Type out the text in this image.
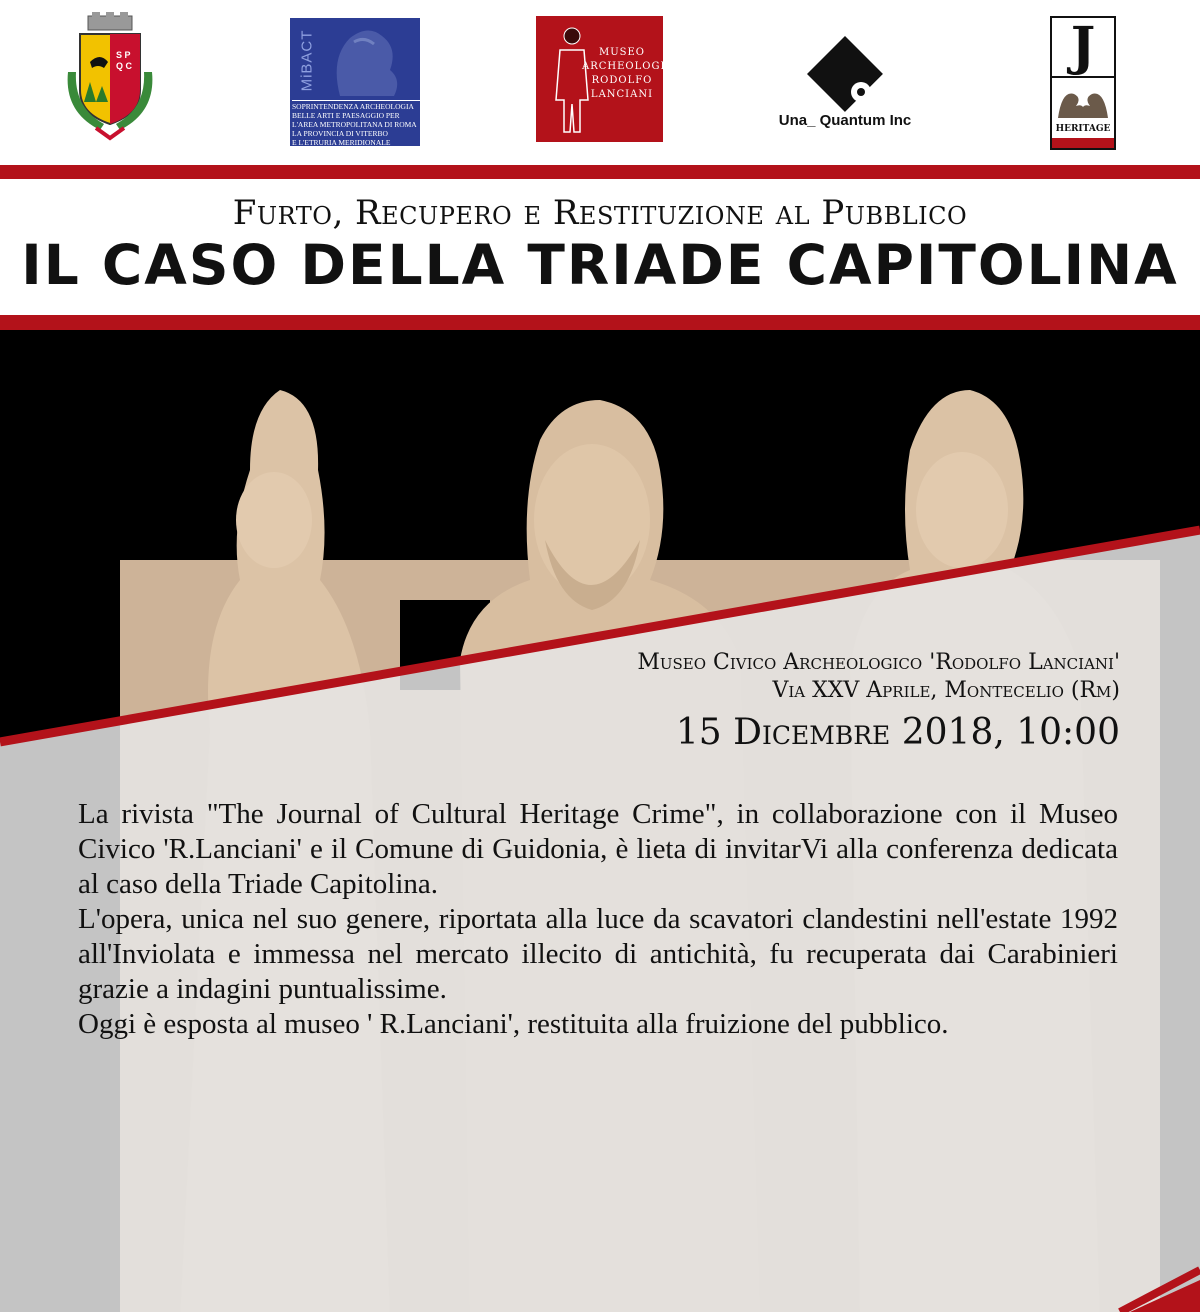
S P Q C	MiBACT
SOPRINTENDENZA ARCHEOLOGIA
BELLE ARTI E PAESAGGIO PER
L'AREA METROPOLITANA DI ROMA
LA PROVINCIA DI VITERBO
E L'ETRURIA MERIDIONALE
MUSEO
ARCHEOLOGICO
RODOLFO
LANCIANI
Una_ Quantum Inc
J
HERITAGE
Furto, Recupero e Restituzione al Pubblico
IL CASO DELLA TRIADE CAPITOLINA
Museo Civico Archeologico 'Rodolfo Lanciani'
Via XXV Aprile, Montecelio (Rm)
15 Dicembre 2018, 10:00

La rivista "The Journal of Cultural Heritage Crime", in collaborazione con il Museo Civico 'R.Lanciani' e il Comune di Guidonia, è lieta di invitarVi alla conferenza dedicata al caso della Triade Capitolina.

L'opera, unica nel suo genere, riportata alla luce da scavatori clandestini nell'estate 1992 all'Inviolata e immessa nel mercato illecito di antichità, fu recuperata dai Carabinieri grazie a indagini puntualissime.

Oggi è esposta al museo ' R.Lanciani', restituita alla fruizione del pubblico.
